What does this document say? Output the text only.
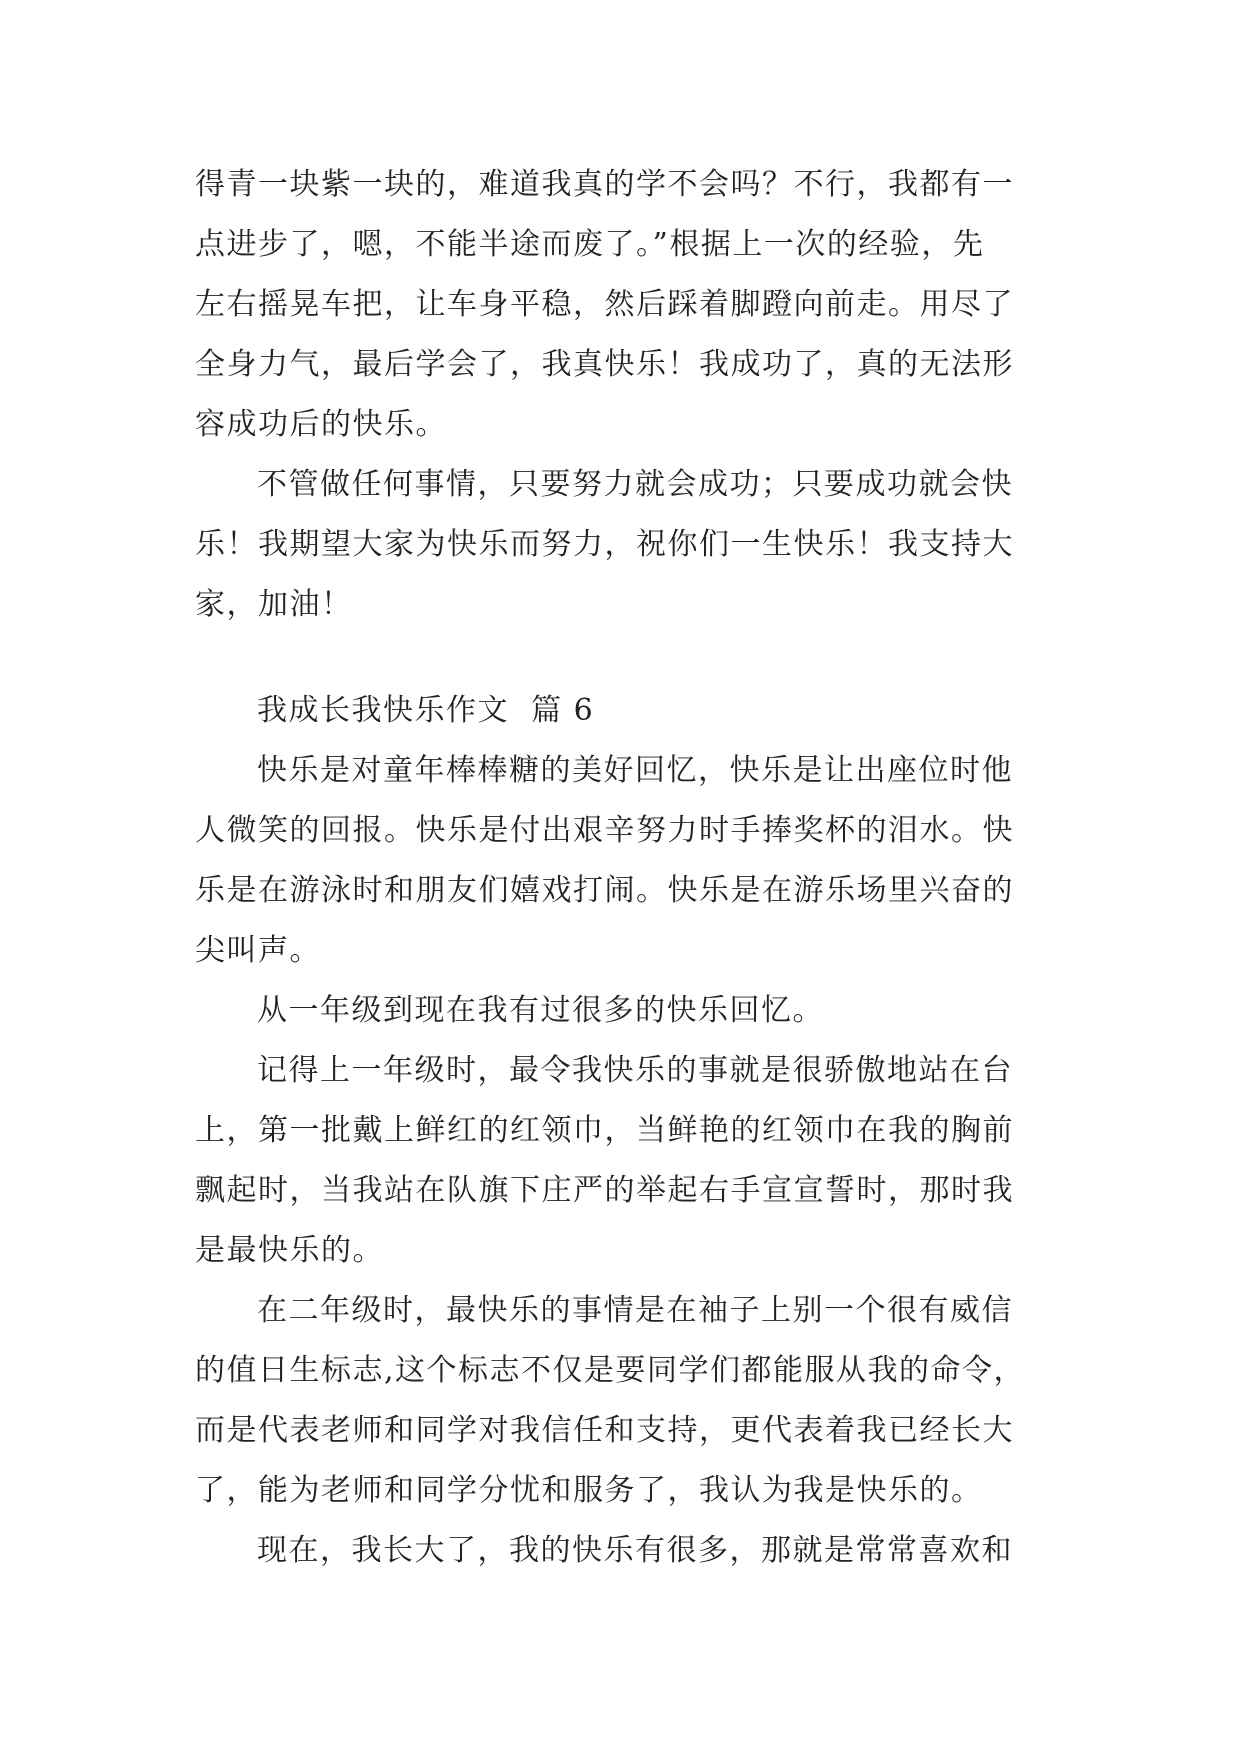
得青一块紫一块的，难道我真的学不会吗？不行，我都有一
点进步了，嗯，不能半途而废了。”根据上一次的经验，先
左右摇晃车把，让车身平稳，然后踩着脚蹬向前走。用尽了
全身力气，最后学会了，我真快乐！我成功了，真的无法形
容成功后的快乐。
不管做任何事情，只要努力就会成功；只要成功就会快
乐！我期望大家为快乐而努力，祝你们一生快乐！我支持大
家，加油！
我成长我快乐作文  篇 6
快乐是对童年棒棒糖的美好回忆，快乐是让出座位时他
人微笑的回报。快乐是付出艰辛努力时手捧奖杯的泪水。快
乐是在游泳时和朋友们嬉戏打闹。快乐是在游乐场里兴奋的
尖叫声。
从一年级到现在我有过很多的快乐回忆。
记得上一年级时，最令我快乐的事就是很骄傲地站在台
上，第一批戴上鲜红的红领巾，当鲜艳的红领巾在我的胸前
飘起时，当我站在队旗下庄严的举起右手宣宣誓时，那时我
是最快乐的。
在二年级时，最快乐的事情是在袖子上别一个很有威信
的值日生标志,这个标志不仅是要同学们都能服从我的命令，
而是代表老师和同学对我信任和支持，更代表着我已经长大
了，能为老师和同学分忧和服务了，我认为我是快乐的。
现在，我长大了，我的快乐有很多，那就是常常喜欢和
